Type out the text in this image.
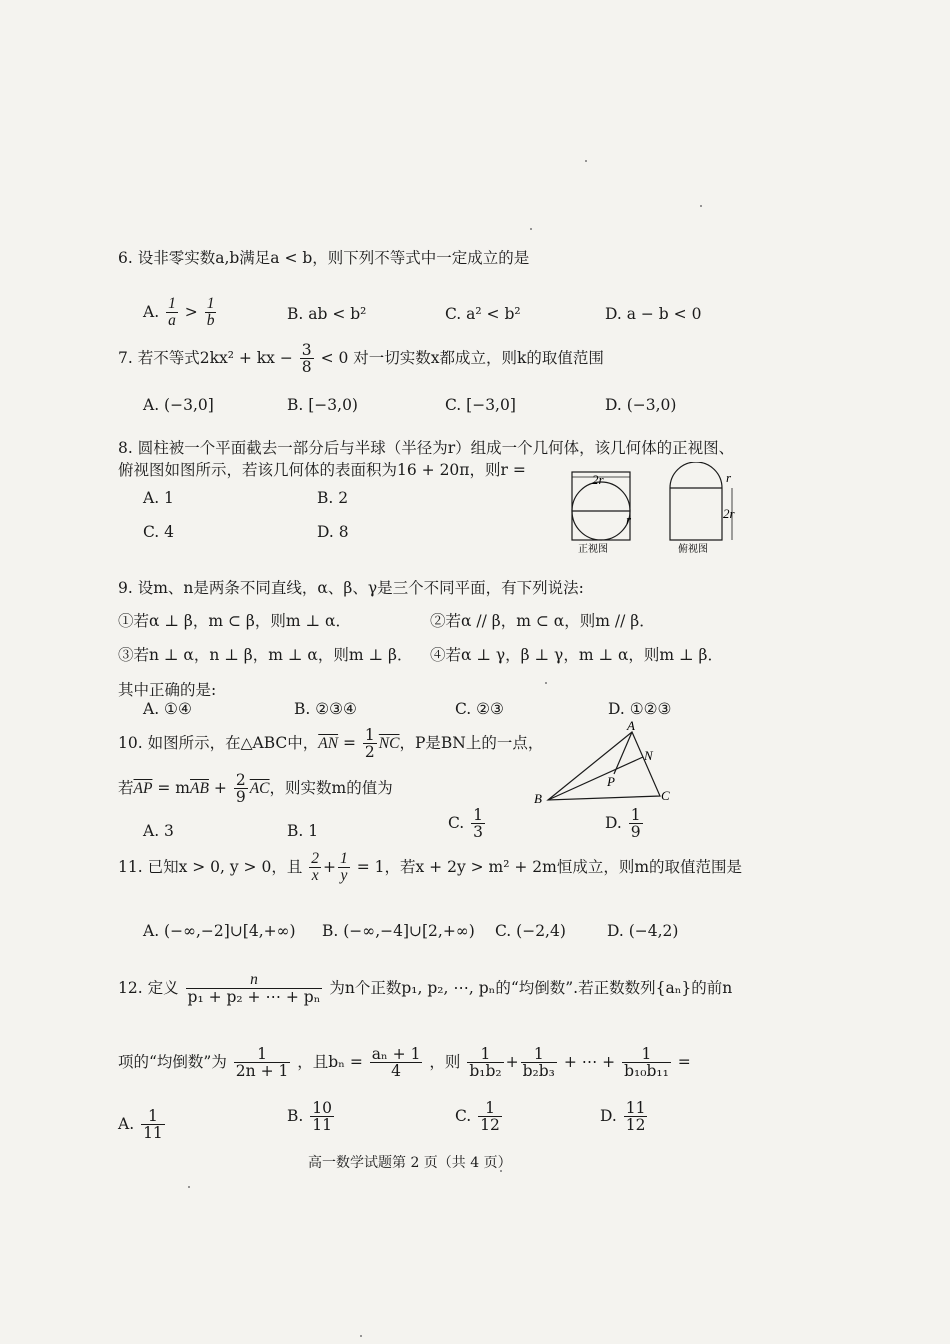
6. 设非零实数a,b满足a < b，则下列不等式中一定成立的是
A. $\frac{1}{a} > \frac{1}{b}$	B. ab < b²	C. a² < b²	D. a − b < 0
7. 若不等式2kx² + kx − $\frac{3}{8} < 0$ 对一切实数x都成立，则k的取值范围
A. (−3,0]	B. [−3,0)	C. [−3,0]	D. (−3,0)
8. 圆柱被一个平面截去一部分后与半球（半径为r）组成一个几何体，该几何体的正视图、
俯视图如图所示，若该几何体的表面积为16 + 20π，则r =
A. 1	B. 2
C. 4	D. 8
2r
r
正视图
r
2r
俯视图
9. 设m、n是两条不同直线，α、β、γ是三个不同平面，有下列说法:
①若α ⊥ β，m ⊂ β，则m ⊥ α．	②若α // β，m ⊂ α，则m // β．
③若n ⊥ α，n ⊥ β，m ⊥ α，则m ⊥ β． ④若α ⊥ γ，β ⊥ γ，m ⊥ α，则m ⊥ β．
其中正确的是:
A. ①④	B. ②③④	C. ②③	D. ①②③
10. 如图所示，在△ABC中，$\overline{AN} = \frac{1}{2} \overline{NC}$，P是BN上的一点，
若$\overline{AP} = m\overline{AB} + \frac{2}{9} \overline{AC}$，则实数m的值为
A. 3	B. 1	C. $\frac{1}{3}$	D. $\frac{1}{9}$
A
B	C
N
P
11. 已知x > 0, y > 0，且 $\frac{2}{x} + \frac{1}{y} = 1$，若x + 2y > m² + 2m恒成立，则m的取值范围是
A. (−∞,−2]∪[4,+∞) B. (−∞,−4]∪[2,+∞) C. (−2,4)	D. (−4,2)
12. 定义 $\frac{n}{\text{p₁ + p₂ + ⋯ + pₙ}}$ 为n个正数p₁, p₂, ⋯, pₙ的“均倒数”.若正数数列{aₙ}的前n
项的“均倒数”为 $\frac{1}{2n + 1}$ ，且$b_n = \frac{\text{aₙ + 1}}{4}$ ，则 $\frac{1}{\text{b₁b₂}} + \frac{1}{\text{b₂b₃}}$ + ⋯ + $\frac{1}{\text{b₁₀b₁₁}}$ =
A. $\frac{1}{11}$	B. $\frac{10}{11}$	C. $\frac{1}{12}$	D. $\frac{11}{12}$
高一数学试题第 2 页（共 4 页）
